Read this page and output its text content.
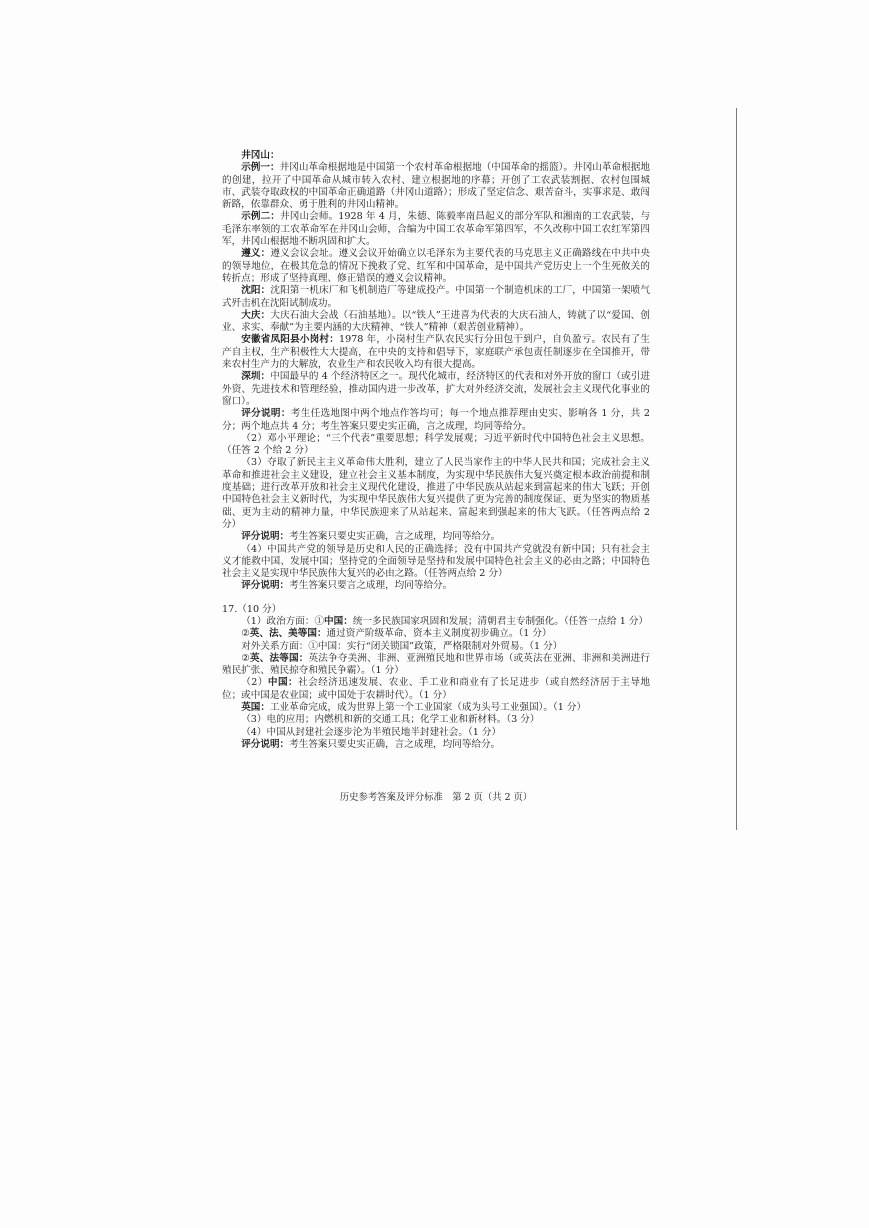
井冈山：

示例一：井冈山革命根据地是中国第一个农村革命根据地（中国革命的摇篮）。井冈山革命根据地的创建，拉开了中国革命从城市转入农村、建立根据地的序幕；开创了工农武装割据、农村包围城市、武装夺取政权的中国革命正确道路（井冈山道路）；形成了坚定信念、艰苦奋斗，实事求是、敢闯新路，依靠群众、勇于胜利的井冈山精神。

示例二：井冈山会师。1928 年 4 月，朱德、陈毅率南昌起义的部分军队和湘南的工农武装，与毛泽东率领的工农革命军在井冈山会师，合编为中国工农革命军第四军，不久改称中国工农红军第四军，井冈山根据地不断巩固和扩大。

遵义：遵义会议会址。遵义会议开始确立以毛泽东为主要代表的马克思主义正确路线在中共中央的领导地位，在极其危急的情况下挽救了党、红军和中国革命，是中国共产党历史上一个生死攸关的转折点；形成了坚持真理、修正错误的遵义会议精神。

沈阳：沈阳第一机床厂和飞机制造厂等建成投产。中国第一个制造机床的工厂，中国第一架喷气式歼击机在沈阳试制成功。

大庆：大庆石油大会战（石油基地）。以“铁人”王进喜为代表的大庆石油人，铸就了以“爱国、创业、求实、奉献”为主要内涵的大庆精神、“铁人”精神（艰苦创业精神）。

安徽省凤阳县小岗村：1978 年，小岗村生产队农民实行分田包干到户，自负盈亏。农民有了生产自主权，生产积极性大大提高，在中央的支持和倡导下，家庭联产承包责任制逐步在全国推开，带来农村生产力的大解放，农业生产和农民收入均有很大提高。

深圳：中国最早的 4 个经济特区之一。现代化城市，经济特区的代表和对外开放的窗口（或引进外资、先进技术和管理经验，推动国内进一步改革，扩大对外经济交流，发展社会主义现代化事业的窗口）。

评分说明：考生任选地图中两个地点作答均可；每一个地点推荐理由史实、影响各 1 分，共 2 分；两个地点共 4 分；考生答案只要史实正确，言之成理，均同等给分。

（2）邓小平理论；“三个代表”重要思想；科学发展观；习近平新时代中国特色社会主义思想。（任答 2 个给 2 分）

（3）夺取了新民主主义革命伟大胜利，建立了人民当家作主的中华人民共和国；完成社会主义革命和推进社会主义建设，建立社会主义基本制度，为实现中华民族伟大复兴奠定根本政治前提和制度基础；进行改革开放和社会主义现代化建设，推进了中华民族从站起来到富起来的伟大飞跃；开创中国特色社会主义新时代，为实现中华民族伟大复兴提供了更为完善的制度保证、更为坚实的物质基础、更为主动的精神力量，中华民族迎来了从站起来、富起来到强起来的伟大飞跃。（任答两点给 2 分）

评分说明：考生答案只要史实正确，言之成理，均同等给分。

（4）中国共产党的领导是历史和人民的正确选择；没有中国共产党就没有新中国；只有社会主义才能救中国、发展中国；坚持党的全面领导是坚持和发展中国特色社会主义的必由之路；中国特色社会主义是实现中华民族伟大复兴的必由之路。（任答两点给 2 分）

评分说明：考生答案只要言之成理，均同等给分。

17.（10 分）

（1）政治方面：①中国：统一多民族国家巩固和发展；清朝君主专制强化。（任答一点给 1 分）

②英、法、美等国：通过资产阶级革命、资本主义制度初步确立。（1 分）

对外关系方面：①中国：实行“闭关锁国”政策，严格限制对外贸易。（1 分）

②英、法等国：英法争夺美洲、非洲、亚洲殖民地和世界市场（或英法在亚洲、非洲和美洲进行殖民扩张、殖民掠夺和殖民争霸）。（1 分）

（2）中国：社会经济迅速发展、农业、手工业和商业有了长足进步（或自然经济居于主导地位；或中国是农业国；或中国处于农耕时代）。（1 分）

英国：工业革命完成，成为世界上第一个工业国家（成为头号工业强国）。（1 分）

（3）电的应用；内燃机和新的交通工具；化学工业和新材料。（3 分）

（4）中国从封建社会逐步沦为半殖民地半封建社会。（1 分）

评分说明：考生答案只要史实正确，言之成理，均同等给分。

历史参考答案及评分标准　第 2 页（共 2 页）
